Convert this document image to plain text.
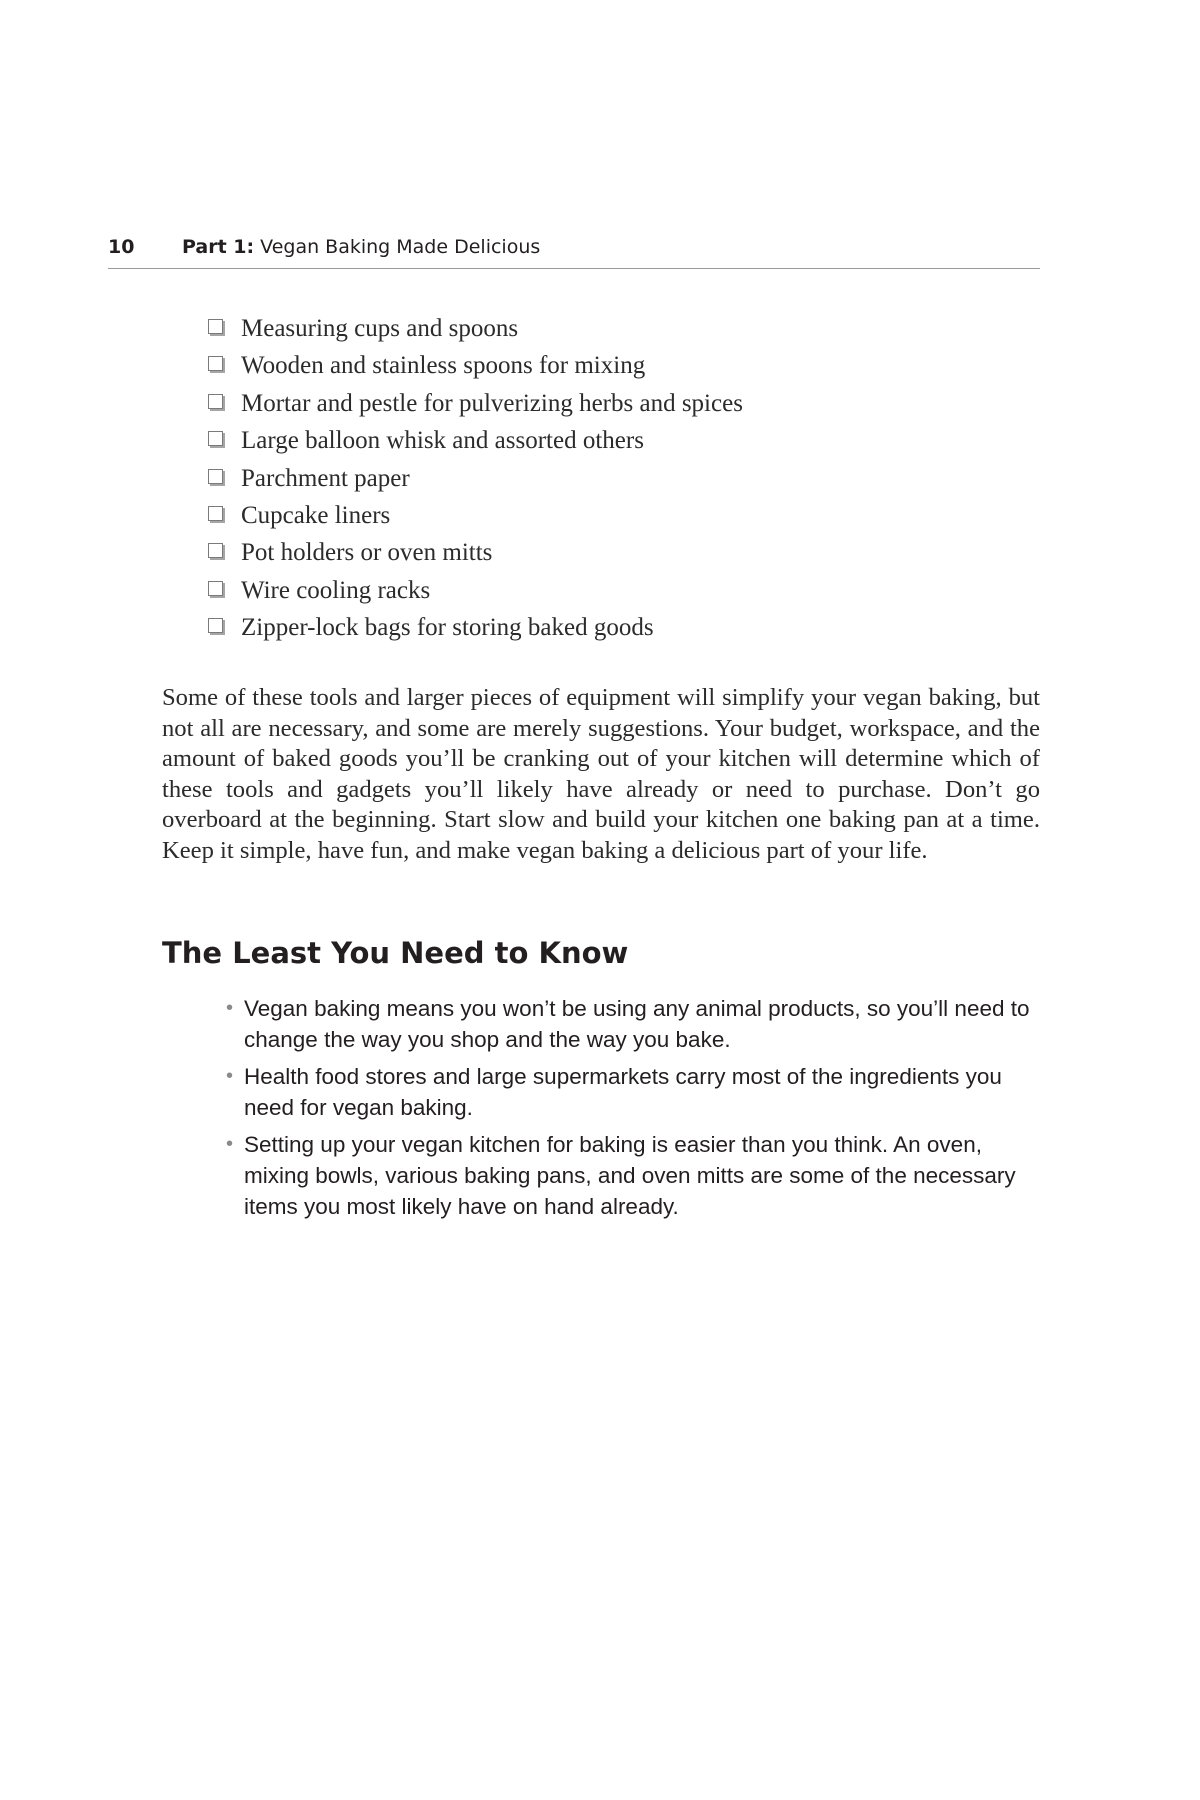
10	Part 1: Vegan Baking Made Delicious
Measuring cups and spoons
Wooden and stainless spoons for mixing
Mortar and pestle for pulverizing herbs and spices
Large balloon whisk and assorted others
Parchment paper
Cupcake liners
Pot holders or oven mitts
Wire cooling racks
Zipper-lock bags for storing baked goods

Some of these tools and larger pieces of equipment will simplify your vegan baking, but not all are necessary, and some are merely suggestions. Your budget, workspace, and the amount of baked goods you’ll be cranking out of your kitchen will determine which of these tools and gadgets you’ll likely have already or need to purchase. Don’t go overboard at the beginning. Start slow and build your kitchen one baking pan at a time. Keep it simple, have fun, and make vegan baking a delicious part of your life.

The Least You Need to Know
• Vegan baking means you won’t be using any animal products, so you’ll need to change the way you shop and the way you bake.
• Health food stores and large supermarkets carry most of the ingredients you need for vegan baking.
• Setting up your vegan kitchen for baking is easier than you think. An oven, mixing bowls, various baking pans, and oven mitts are some of the necessary items you most likely have on hand already.
